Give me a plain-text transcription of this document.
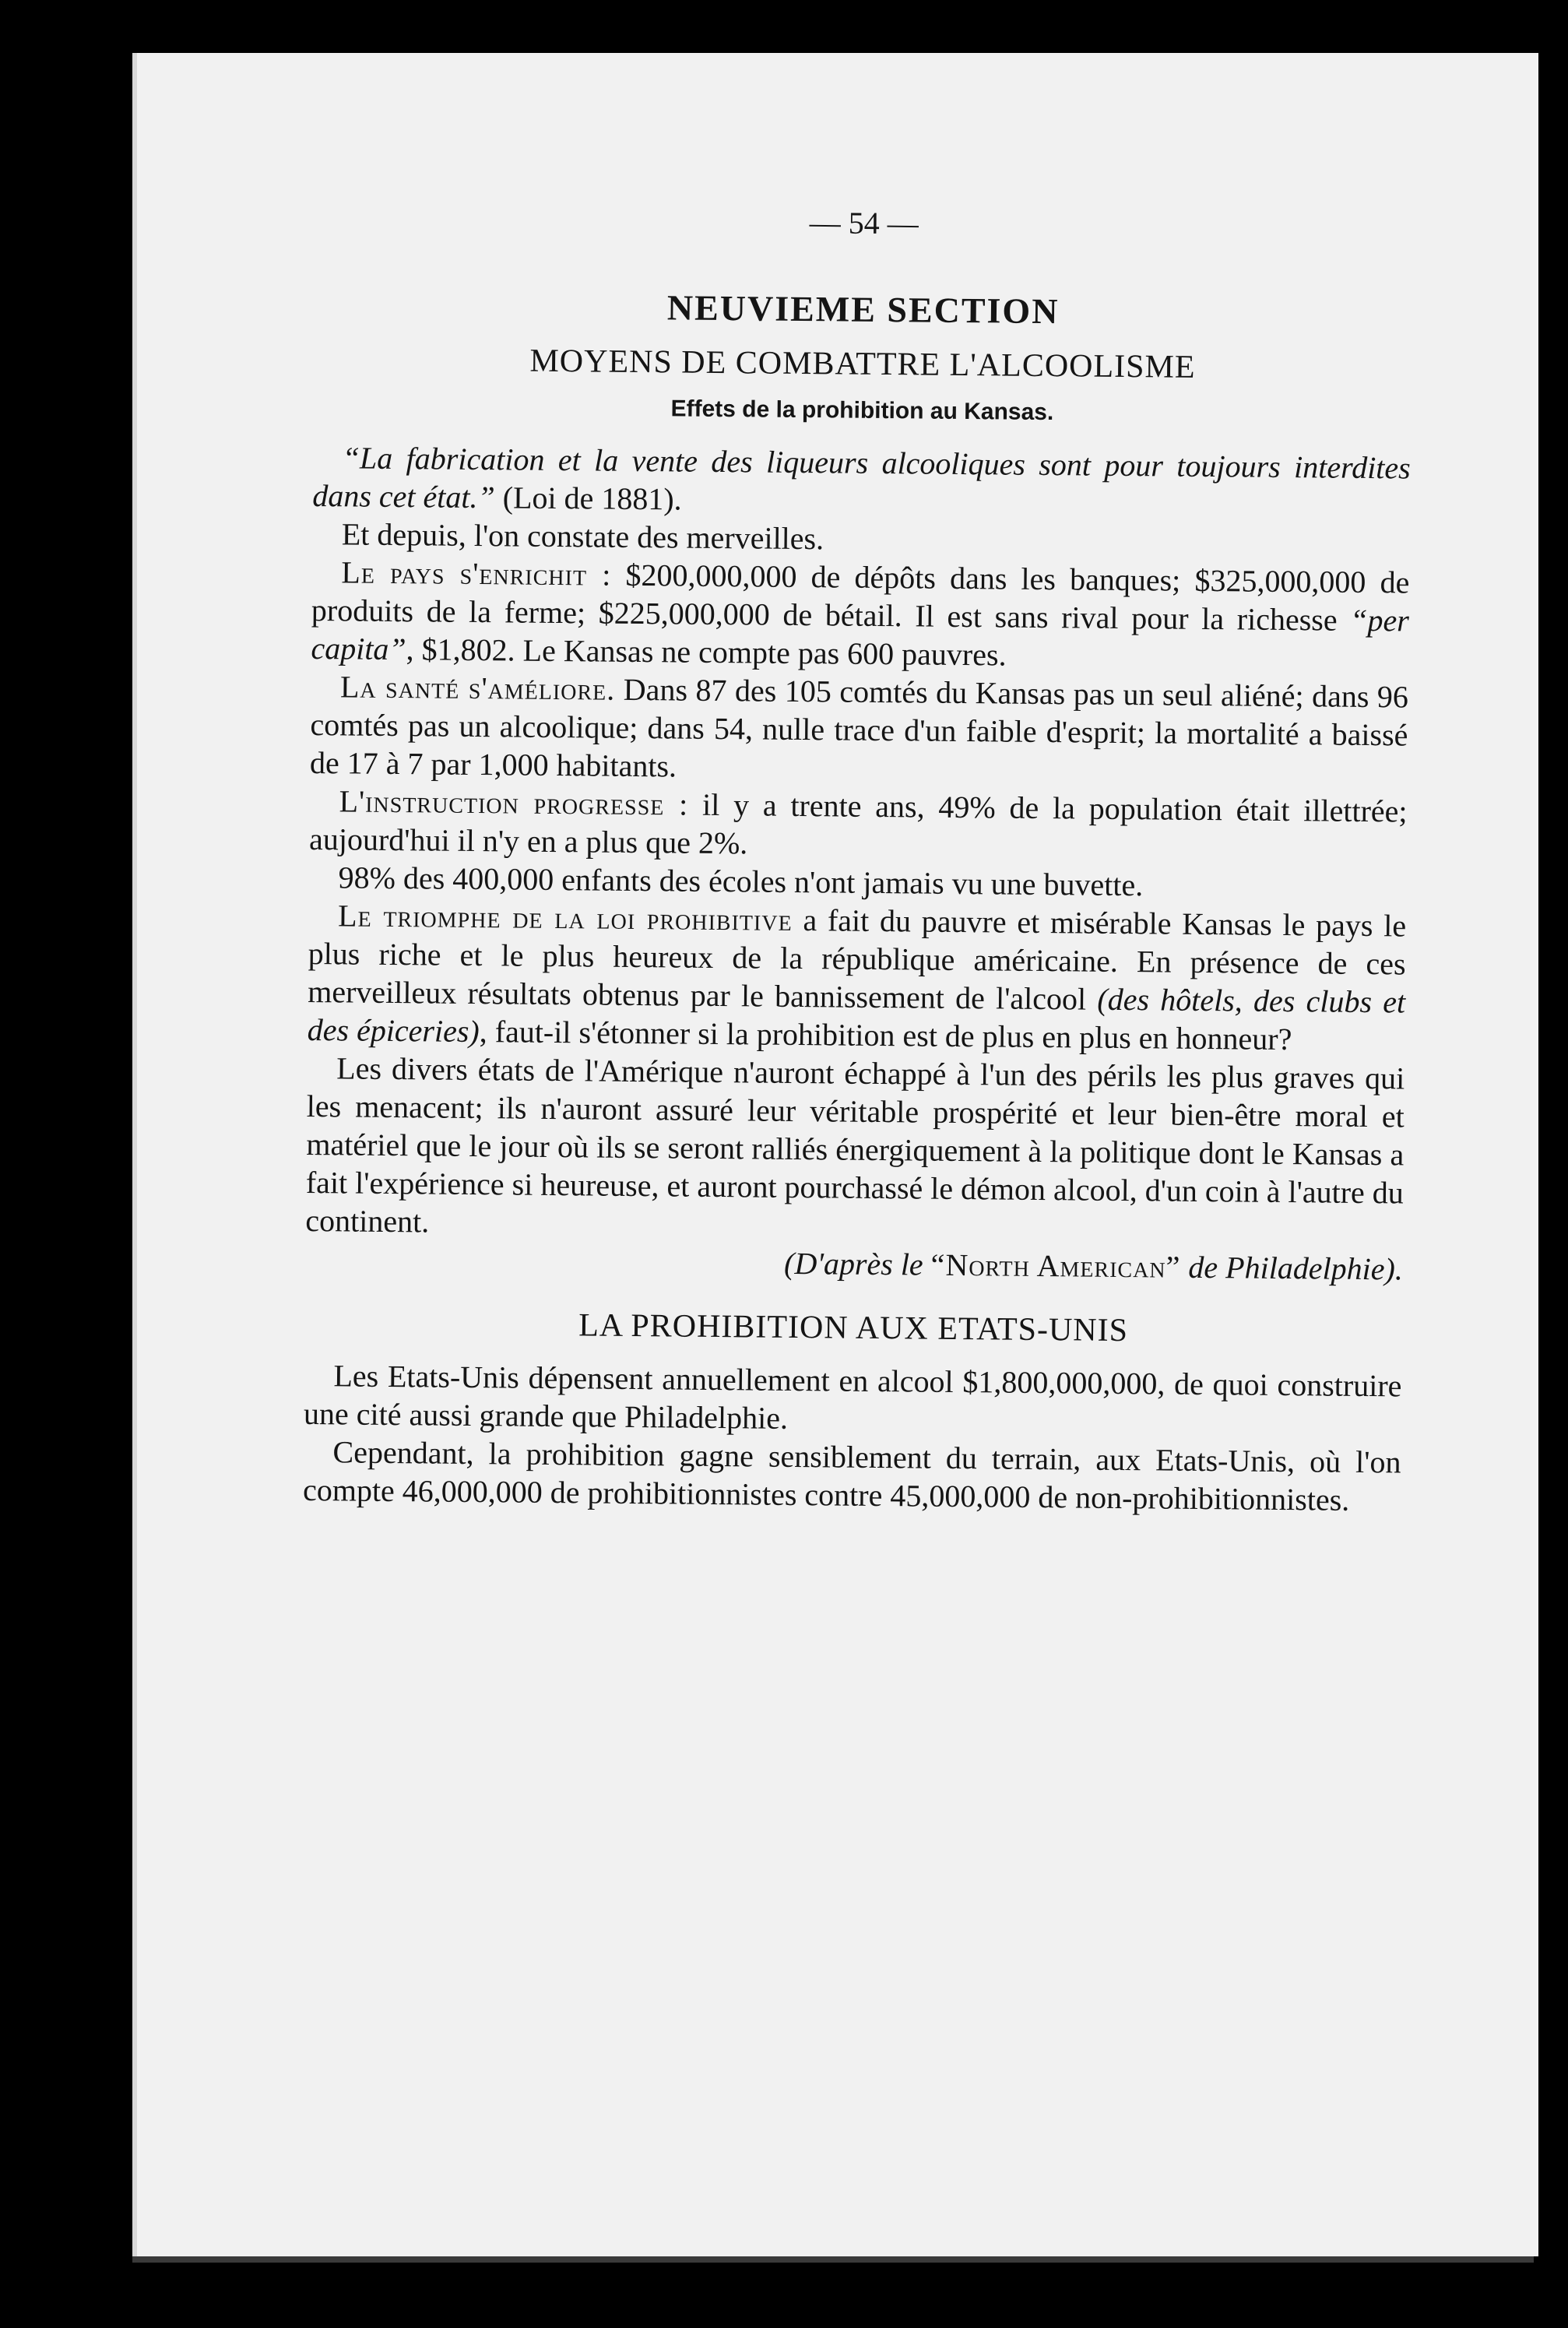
— 54 —
NEUVIEME SECTION
MOYENS DE COMBATTRE L'ALCOOLISME
Effets de la prohibition au Kansas.

“La fabrication et la vente des liqueurs alcooliques sont pour toujours interdites dans cet état.” (Loi de 1881).

Et depuis, l'on constate des merveilles.

Le pays s'enrichit : $200,000,000 de dépôts dans les banques; $325,000,000 de produits de la ferme; $225,000,000 de bétail. Il est sans rival pour la richesse “per capita”, $1,802. Le Kansas ne compte pas 600 pauvres.

La santé s'améliore. Dans 87 des 105 comtés du Kansas pas un seul aliéné; dans 96 comtés pas un alcoolique; dans 54, nulle trace d'un faible d'esprit; la mortalité a baissé de 17 à 7 par 1,000 habitants.

L'instruction progresse : il y a trente ans, 49% de la population était illettrée; aujourd'hui il n'y en a plus que 2%.

98% des 400,000 enfants des écoles n'ont jamais vu une buvette.

Le triomphe de la loi prohibitive a fait du pauvre et misérable Kansas le pays le plus riche et le plus heureux de la république américaine. En présence de ces merveilleux résultats obtenus par le bannissement de l'alcool (des hôtels, des clubs et des épiceries), faut-il s'étonner si la prohibition est de plus en plus en honneur?

Les divers états de l'Amérique n'auront échappé à l'un des périls les plus graves qui les menacent; ils n'auront assuré leur véritable prospérité et leur bien-être moral et matériel que le jour où ils se seront ralliés énergiquement à la politique dont le Kansas a fait l'expérience si heureuse, et auront pourchassé le démon alcool, d'un coin à l'autre du continent.

(D'après le “North American” de Philadelphie).
LA PROHIBITION AUX ETATS-UNIS

Les Etats-Unis dépensent annuellement en alcool $1,800,000,000, de quoi construire une cité aussi grande que Philadelphie.

Cependant, la prohibition gagne sensiblement du terrain, aux Etats-Unis, où l'on compte 46,000,000 de prohibitionnistes contre 45,000,000 de non-prohibitionnistes.
